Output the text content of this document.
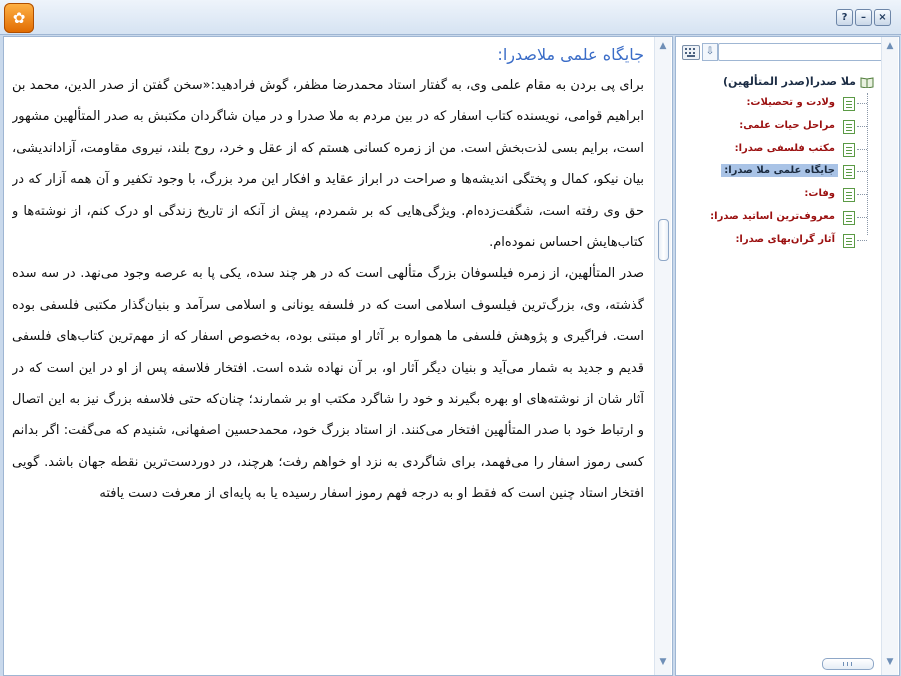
✿	?	–	×
جایگاه علمی ملاصدرا:

برای پی بردن به مقام علمی وی، به گفتار استاد محمدرضا مظفر، گوش فرادهید:«سخن گفتن از صدر الدین، محمد بن ابراهیم قوامی، نویسنده کتاب اسفار که در بین مردم به ملا صدرا و در میان شاگردان مکتبش به صدر المتألهین مشهور است، برایم بسی لذت‌بخش است. من از زمره کسانی هستم که از عقل و خرد، روح بلند، نیروی مقاومت، آزاداندیشی، بیان نیکو، کمال و پختگی اندیشه‌ها و صراحت در ابراز عقاید و افکار این مرد بزرگ، با وجود تکفیر و آن همه آزار که در حق وی رفته است، شگفت‌زده‌ام. ویژگی‌هایی که بر شمردم، پیش از آنکه از تاریخ زندگی او درک کنم، از نوشته‌ها و کتاب‌هایش احساس نموده‌ام.

صدر المتألهین، از زمره فیلسوفان بزرگ متألهی است که در هر چند سده، یکی پا به عرصه وجود می‌نهد. در سه سده گذشته، وی، بزرگ‌ترین فیلسوف اسلامی است که در فلسفه یونانی و اسلامی سرآمد و بنیان‌گذار مکتبی فلسفی بوده است. فراگیری و پژوهش فلسفی ما همواره بر آثار او مبتنی بوده، به‌خصوص اسفار که از مهم‌ترین کتاب‌های فلسفی قدیم و جدید به شمار می‌آید و بنیان دیگر آثار او، بر آن نهاده شده است. افتخار فلاسفه پس از او در این است که در آثار شان از نوشته‌های او بهره بگیرند و خود را شاگرد مکتب او بر شمارند؛ چنان‌که حتی فلاسفه بزرگ نیز به این اتصال و ارتباط خود با صدر المتألهین افتخار می‌کنند. از استاد بزرگ خود، محمدحسین اصفهانی، شنیدم که می‌گفت: اگر بدانم کسی رموز اسفار را می‌فهمد، برای شاگردی به نزد او خواهم رفت؛ هرچند، در دوردست‌ترین نقطه جهان باشد. گویی افتخار استاد چنین است که فقط او به درجه فهم رموز اسفار رسیده یا به پایه‌ای از معرفت دست یافته

▲
▼
⇩
ملا صدرا(صدر المتألهين)
ولادت و تحصیلات:
مراحل حیات علمی:
مکتب فلسفی صدرا:
جایگاه علمی ملا صدرا:
وفات:
معروف‌ترین اساتید صدرا:
آثار گران‌بهای صدرا:
▲
▼
